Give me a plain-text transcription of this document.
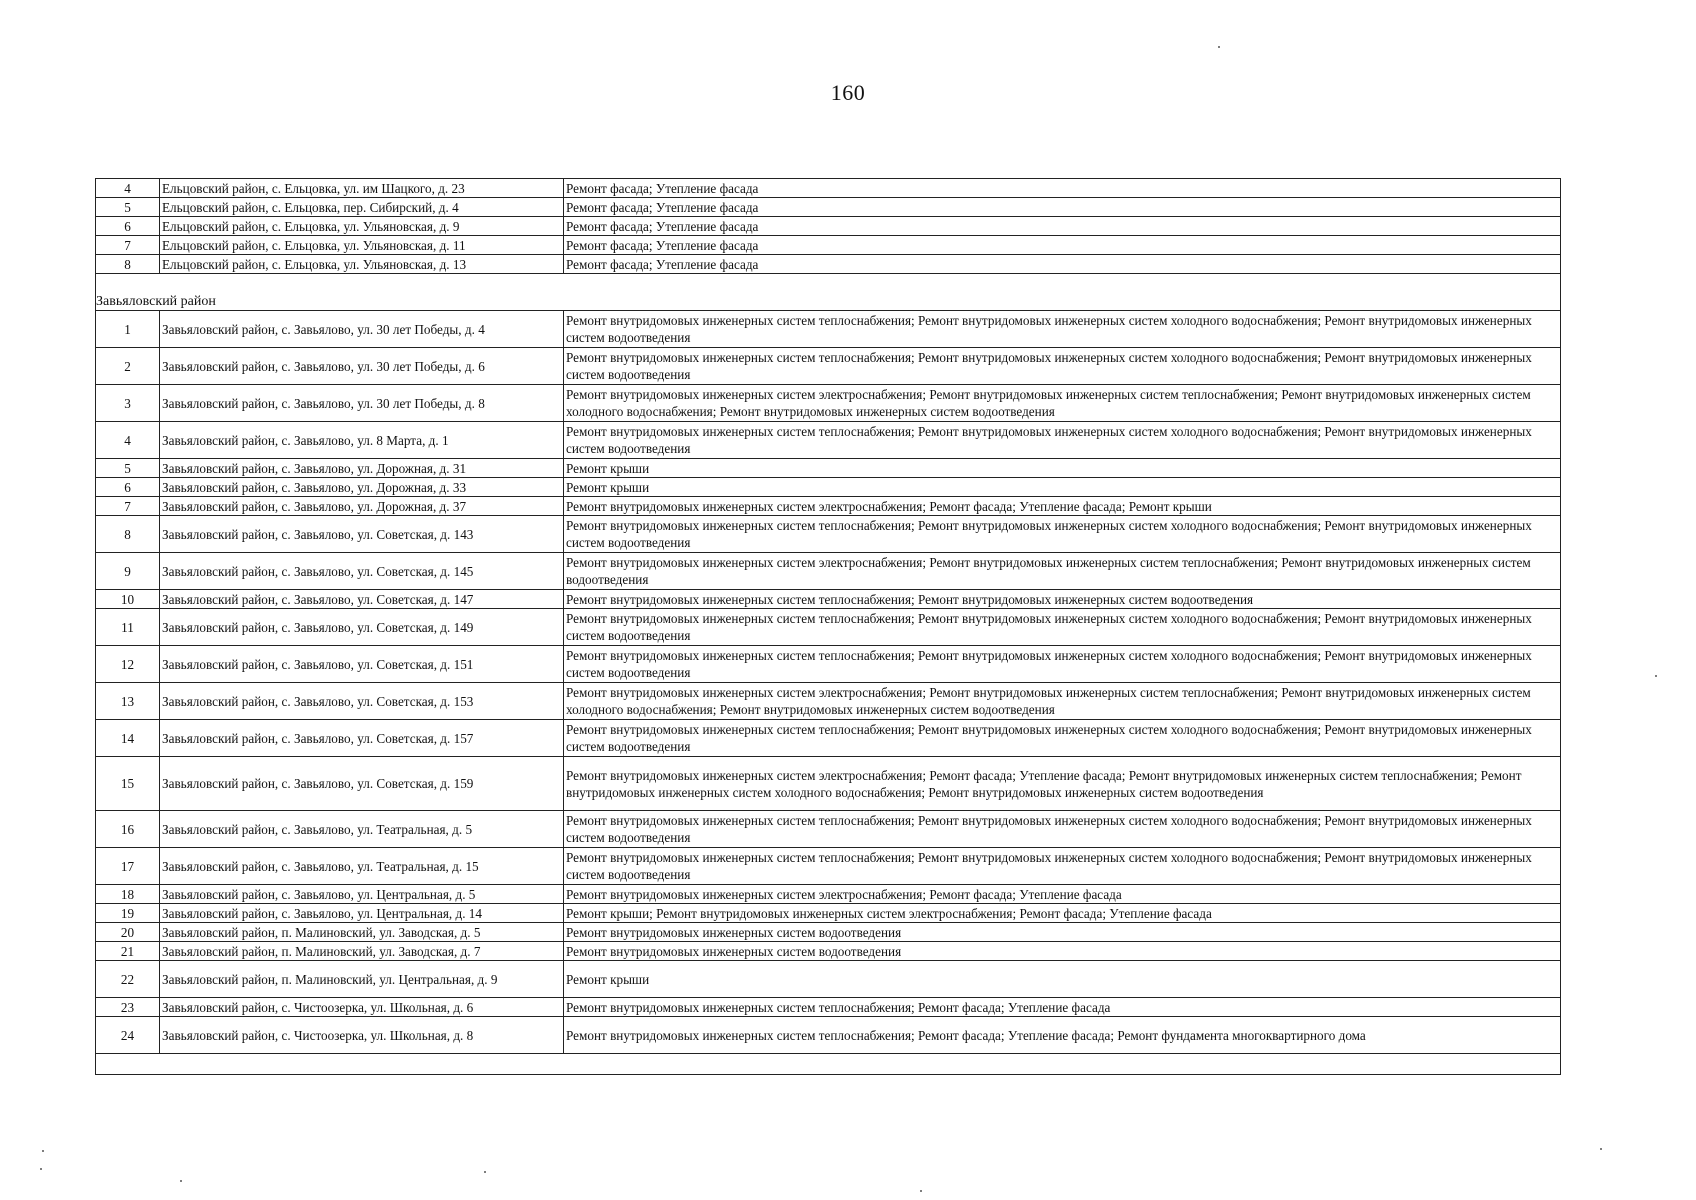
160
4	Ельцовский район, с. Ельцовка, ул. им Шацкого, д. 23	Ремонт фасада; Утепление фасада
5	Ельцовский район, с. Ельцовка, пер. Сибирский, д. 4	Ремонт фасада; Утепление фасада
6	Ельцовский район, с. Ельцовка, ул. Ульяновская, д. 9	Ремонт фасада; Утепление фасада
7	Ельцовский район, с. Ельцовка, ул. Ульяновская, д. 11	Ремонт фасада; Утепление фасада
8	Ельцовский район, с. Ельцовка, ул. Ульяновская, д. 13	Ремонт фасада; Утепление фасада

Завьяловский район		
1	Завьяловский район, с. Завьялово, ул. 30 лет Победы, д. 4	Ремонт внутридомовых инженерных систем теплоснабжения; Ремонт внутридомовых инженерных систем холодного водоснабжения; Ремонт внутридомовых инженерных систем водоотведения
2	Завьяловский район, с. Завьялово, ул. 30 лет Победы, д. 6	Ремонт внутридомовых инженерных систем теплоснабжения; Ремонт внутридомовых инженерных систем холодного водоснабжения; Ремонт внутридомовых инженерных систем водоотведения
3	Завьяловский район, с. Завьялово, ул. 30 лет Победы, д. 8	Ремонт внутридомовых инженерных систем электроснабжения; Ремонт внутридомовых инженерных систем теплоснабжения; Ремонт внутридомовых инженерных систем холодного водоснабжения; Ремонт внутридомовых инженерных систем водоотведения
4	Завьяловский район, с. Завьялово, ул. 8 Марта, д. 1	Ремонт внутридомовых инженерных систем теплоснабжения; Ремонт внутридомовых инженерных систем холодного водоснабжения; Ремонт внутридомовых инженерных систем водоотведения
5	Завьяловский район, с. Завьялово, ул. Дорожная, д. 31	Ремонт крыши
6	Завьяловский район, с. Завьялово, ул. Дорожная, д. 33	Ремонт крыши
7	Завьяловский район, с. Завьялово, ул. Дорожная, д. 37	Ремонт внутридомовых инженерных систем электроснабжения; Ремонт фасада; Утепление фасада; Ремонт крыши
8	Завьяловский район, с. Завьялово, ул. Советская, д. 143	Ремонт внутридомовых инженерных систем теплоснабжения; Ремонт внутридомовых инженерных систем холодного водоснабжения; Ремонт внутридомовых инженерных систем водоотведения
9	Завьяловский район, с. Завьялово, ул. Советская, д. 145	Ремонт внутридомовых инженерных систем электроснабжения; Ремонт внутридомовых инженерных систем теплоснабжения; Ремонт внутридомовых инженерных систем водоотведения
10	Завьяловский район, с. Завьялово, ул. Советская, д. 147	Ремонт внутридомовых инженерных систем теплоснабжения; Ремонт внутридомовых инженерных систем водоотведения
11	Завьяловский район, с. Завьялово, ул. Советская, д. 149	Ремонт внутридомовых инженерных систем теплоснабжения; Ремонт внутридомовых инженерных систем холодного водоснабжения; Ремонт внутридомовых инженерных систем водоотведения
12	Завьяловский район, с. Завьялово, ул. Советская, д. 151	Ремонт внутридомовых инженерных систем теплоснабжения; Ремонт внутридомовых инженерных систем холодного водоснабжения; Ремонт внутридомовых инженерных систем водоотведения
13	Завьяловский район, с. Завьялово, ул. Советская, д. 153	Ремонт внутридомовых инженерных систем электроснабжения; Ремонт внутридомовых инженерных систем теплоснабжения; Ремонт внутридомовых инженерных систем холодного водоснабжения; Ремонт внутридомовых инженерных систем водоотведения
14	Завьяловский район, с. Завьялово, ул. Советская, д. 157	Ремонт внутридомовых инженерных систем теплоснабжения; Ремонт внутридомовых инженерных систем холодного водоснабжения; Ремонт внутридомовых инженерных систем водоотведения
15	Завьяловский район, с. Завьялово, ул. Советская, д. 159	Ремонт внутридомовых инженерных систем электроснабжения; Ремонт фасада; Утепление фасада; Ремонт внутридомовых инженерных систем теплоснабжения; Ремонт внутридомовых инженерных систем холодного водоснабжения; Ремонт внутридомовых инженерных систем водоотведения
16	Завьяловский район, с. Завьялово, ул. Театральная, д. 5	Ремонт внутридомовых инженерных систем теплоснабжения; Ремонт внутридомовых инженерных систем холодного водоснабжения; Ремонт внутридомовых инженерных систем водоотведения
17	Завьяловский район, с. Завьялово, ул. Театральная, д. 15	Ремонт внутридомовых инженерных систем теплоснабжения; Ремонт внутридомовых инженерных систем холодного водоснабжения; Ремонт внутридомовых инженерных систем водоотведения
18	Завьяловский район, с. Завьялово, ул. Центральная, д. 5	Ремонт внутридомовых инженерных систем электроснабжения; Ремонт фасада; Утепление фасада
19	Завьяловский район, с. Завьялово, ул. Центральная, д. 14	Ремонт крыши; Ремонт внутридомовых инженерных систем электроснабжения; Ремонт фасада; Утепление фасада
20	Завьяловский район, п. Малиновский, ул. Заводская, д. 5	Ремонт внутридомовых инженерных систем водоотведения
21	Завьяловский район, п. Малиновский, ул. Заводская, д. 7	Ремонт внутридомовых инженерных систем водоотведения
22	Завьяловский район, п. Малиновский, ул. Центральная, д. 9	Ремонт крыши
23	Завьяловский район, с. Чистоозерка, ул. Школьная, д. 6	Ремонт внутридомовых инженерных систем теплоснабжения; Ремонт фасада; Утепление фасада
24	Завьяловский район, с. Чистоозерка, ул. Школьная, д. 8	Ремонт внутридомовых инженерных систем теплоснабжения; Ремонт фасада; Утепление фасада; Ремонт фундамента многоквартирного дома
